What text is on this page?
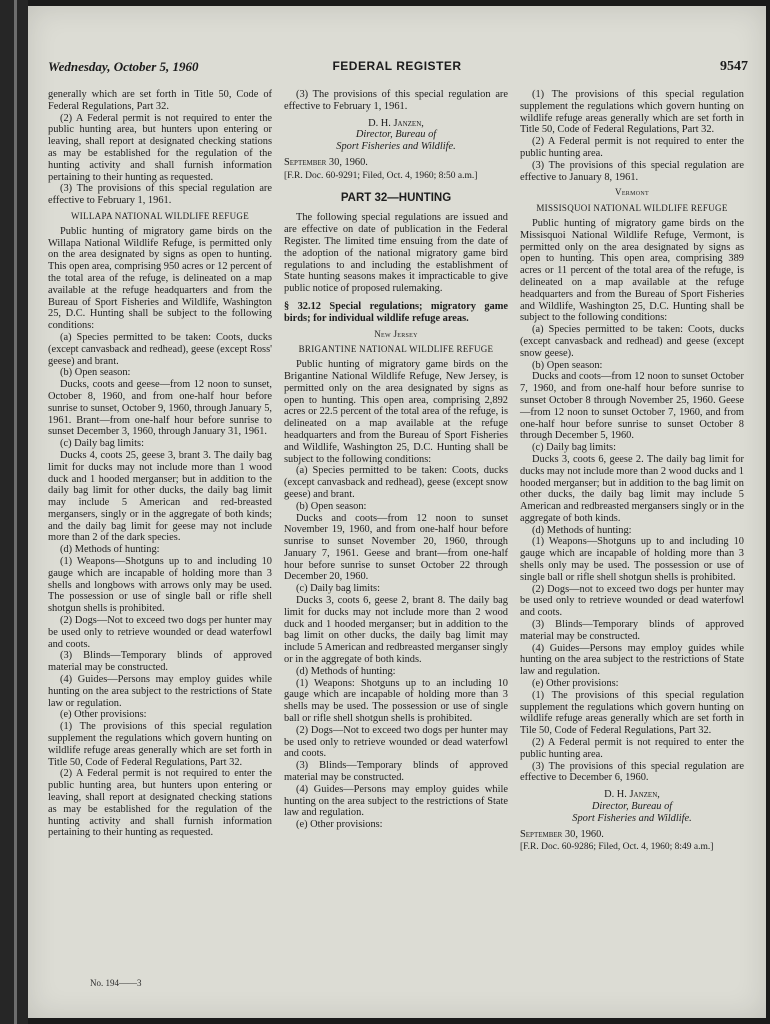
Wednesday, October 5, 1960	FEDERAL REGISTER	9547

generally which are set forth in Title 50, Code of Federal Regulations, Part 32.

(2) A Federal permit is not required to enter the public hunting area, but hunters upon entering or leaving, shall report at designated checking stations as may be established for the regulation of the hunting activity and shall furnish information pertaining to their hunting as requested.

(3) The provisions of this special regulation are effective to February 1, 1961.

WILLAPA NATIONAL WILDLIFE REFUGE

Public hunting of migratory game birds on the Willapa National Wildlife Refuge, is permitted only on the area designated by signs as open to hunting. This open area, comprising 950 acres or 12 percent of the total area of the refuge, is delineated on a map available at the refuge headquarters and from the Bureau of Sport Fisheries and Wildlife, Washington 25, D.C. Hunting shall be subject to the following conditions:

(a) Species permitted to be taken: Coots, ducks (except canvasback and redhead), geese (except Ross' geese) and brant.

(b) Open season:

Ducks, coots and geese—from 12 noon to sunset, October 8, 1960, and from one-half hour before sunrise to sunset, October 9, 1960, through January 5, 1961. Brant—from one-half hour before sunrise to sunset December 3, 1960, through January 31, 1961.

(c) Daily bag limits:

Ducks 4, coots 25, geese 3, brant 3. The daily bag limit for ducks may not include more than 1 wood duck and 1 hooded merganser; but in addition to the daily bag limit for other ducks, the daily bag limit may include 5 American and red-breasted mergansers, singly or in the aggregate of both kinds; and the daily bag limit for geese may not include more than 2 of the dark species.

(d) Methods of hunting:

(1) Weapons—Shotguns up to and including 10 gauge which are incapable of holding more than 3 shells and longbows with arrows only may be used. The possession or use of single ball or rifle shell shotgun shells is prohibited.

(2) Dogs—Not to exceed two dogs per hunter may be used only to retrieve wounded or dead waterfowl and coots.

(3) Blinds—Temporary blinds of approved material may be constructed.

(4) Guides—Persons may employ guides while hunting on the area subject to the restrictions of State law or regulation.

(e) Other provisions:

(1) The provisions of this special regulation supplement the regulations which govern hunting on wildlife refuge areas generally which are set forth in Title 50, Code of Federal Regulations, Part 32.

(2) A Federal permit is not required to enter the public hunting area, but hunters upon entering or leaving, shall report at designated checking stations as may be established for the regulation of the hunting activity and shall furnish information pertaining to their hunting as requested.

No. 194——3

(3) The provisions of this special regulation are effective to February 1, 1961.

D. H. Janzen,

Director, Bureau of

Sport Fisheries and Wildlife.

September 30, 1960.

[F.R. Doc. 60-9291; Filed, Oct. 4, 1960; 8:50 a.m.]

PART 32—HUNTING

The following special regulations are issued and are effective on date of publication in the Federal Register. The limited time ensuing from the date of the adoption of the national migratory game bird regulations to and including the establishment of State hunting seasons makes it impracticable to give public notice of proposed rulemaking.

§ 32.12 Special regulations; migratory game birds; for individual wildlife refuge areas.

New Jersey

BRIGANTINE NATIONAL WILDLIFE REFUGE

Public hunting of migratory game birds on the Brigantine National Wildlife Refuge, New Jersey, is permitted only on the area designated by signs as open to hunting. This open area, comprising 2,892 acres or 22.5 percent of the total area of the refuge, is delineated on a map available at the refuge headquarters and from the Bureau of Sport Fisheries and Wildlife, Washington 25, D.C. Hunting shall be subject to the following conditions:

(a) Species permitted to be taken: Coots, ducks (except canvasback and redhead), geese (except snow geese) and brant.

(b) Open season:

Ducks and coots—from 12 noon to sunset November 19, 1960, and from one-half hour before sunrise to sunset November 20, 1960, through January 7, 1961. Geese and brant—from one-half hour before sunrise to sunset October 22 through December 20, 1960.

(c) Daily bag limits:

Ducks 3, coots 6, geese 2, brant 8. The daily bag limit for ducks may not include more than 2 wood duck and 1 hooded merganser; but in addition to the bag limit on other ducks, the daily bag limit may include 5 American and redbreasted merganser singly or in the aggregate of both kinds.

(d) Methods of hunting:

(1) Weapons: Shotguns up to an including 10 gauge which are incapable of holding more than 3 shells may be used. The possession or use of single ball or rifle shell shotgun shells is prohibited.

(2) Dogs—Not to exceed two dogs per hunter may be used only to retrieve wounded or dead waterfowl and coots.

(3) Blinds—Temporary blinds of approved material may be constructed.

(4) Guides—Persons may employ guides while hunting on the area subject to the restrictions of State law and regulation.

(e) Other provisions:

(1) The provisions of this special regulation supplement the regulations which govern hunting on wildlife refuge areas generally which are set forth in Title 50, Code of Federal Regulations, Part 32.

(2) A Federal permit is not required to enter the public hunting area.

(3) The provisions of this special regulation are effective to January 8, 1961.

Vermont

MISSISQUOI NATIONAL WILDLIFE REFUGE

Public hunting of migratory game birds on the Missisquoi National Wildlife Refuge, Vermont, is permitted only on the area designated by signs as open to hunting. This open area, comprising 389 acres or 11 percent of the total area of the refuge, is delineated on a map available at the refuge headquarters and from the Bureau of Sport Fisheries and Wildlife, Washington 25, D.C. Hunting shall be subject to the following conditions:

(a) Species permitted to be taken: Coots, ducks (except canvasback and redhead) and geese (except snow geese).

(b) Open season:

Ducks and coots—from 12 noon to sunset October 7, 1960, and from one-half hour before sunrise to sunset October 8 through November 25, 1960. Geese—from 12 noon to sunset October 7, 1960, and from one-half hour before sunrise to sunset October 8 through December 5, 1960.

(c) Daily bag limits:

Ducks 3, coots 6, geese 2. The daily bag limit for ducks may not include more than 2 wood ducks and 1 hooded merganser; but in addition to the bag limit on other ducks, the daily bag limit may include 5 American and redbreasted mergansers singly or in the aggregate of both kinds.

(d) Methods of hunting:

(1) Weapons—Shotguns up to and including 10 gauge which are incapable of holding more than 3 shells only may be used. The possession or use of single ball or rifle shell shotgun shells is prohibited.

(2) Dogs—not to exceed two dogs per hunter may be used only to retrieve wounded or dead waterfowl and coots.

(3) Blinds—Temporary blinds of approved material may be constructed.

(4) Guides—Persons may employ guides while hunting on the area subject to the restrictions of State law and regulation.

(e) Other provisions:

(1) The provisions of this special regulation supplement the regulations which govern hunting on wildlife refuge areas generally which are set forth in Tile 50, Code of Federal Regulations, Part 32.

(2) A Federal permit is not required to enter the public hunting area.

(3) The provisions of this special regulation are effective to December 6, 1960.

D. H. Janzen,

Director, Bureau of

Sport Fisheries and Wildlife.

September 30, 1960.

[F.R. Doc. 60-9286; Filed, Oct. 4, 1960; 8:49 a.m.]
